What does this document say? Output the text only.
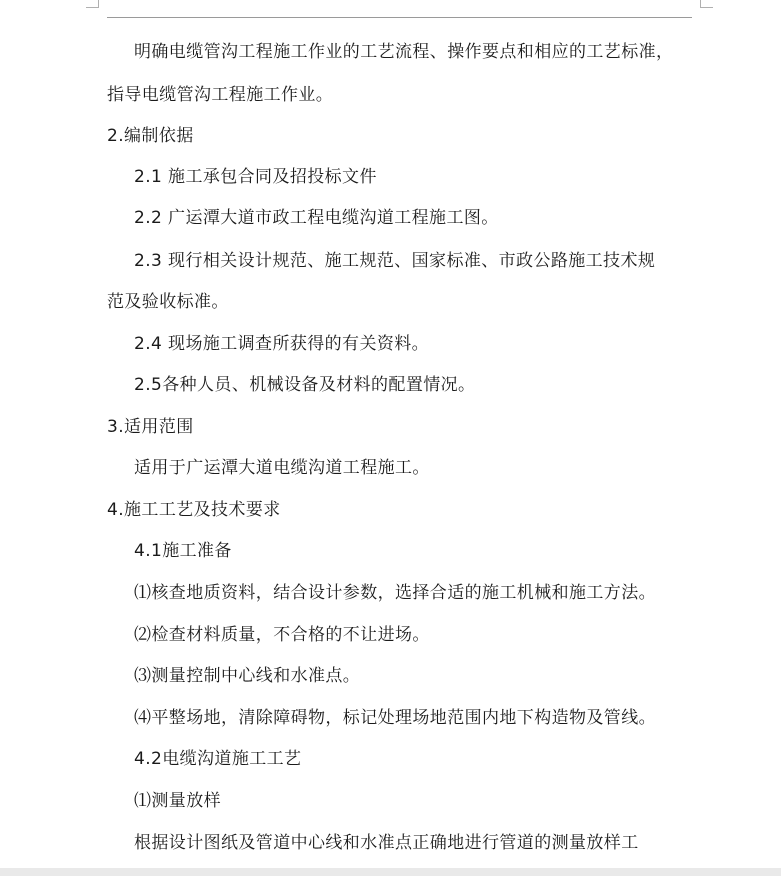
明确电缆管沟工程施工作业的工艺流程、操作要点和相应的工艺标准，
指导电缆管沟工程施工作业。
2.编制依据
2.1 施工承包合同及招投标文件
2.2 广运潭大道市政工程电缆沟道工程施工图。
2.3 现行相关设计规范、施工规范、国家标准、市政公路施工技术规
范及验收标准。
2.4 现场施工调查所获得的有关资料。
2.5各种人员、机械设备及材料的配置情况。
3.适用范围
适用于广运潭大道电缆沟道工程施工。
4.施工工艺及技术要求
4.1施工准备
⑴核查地质资料，结合设计参数，选择合适的施工机械和施工方法。
⑵检查材料质量，不合格的不让进场。
⑶测量控制中心线和水准点。
⑷平整场地，清除障碍物，标记处理场地范围内地下构造物及管线。
4.2电缆沟道施工工艺
⑴测量放样
根据设计图纸及管道中心线和水准点正确地进行管道的测量放样工
